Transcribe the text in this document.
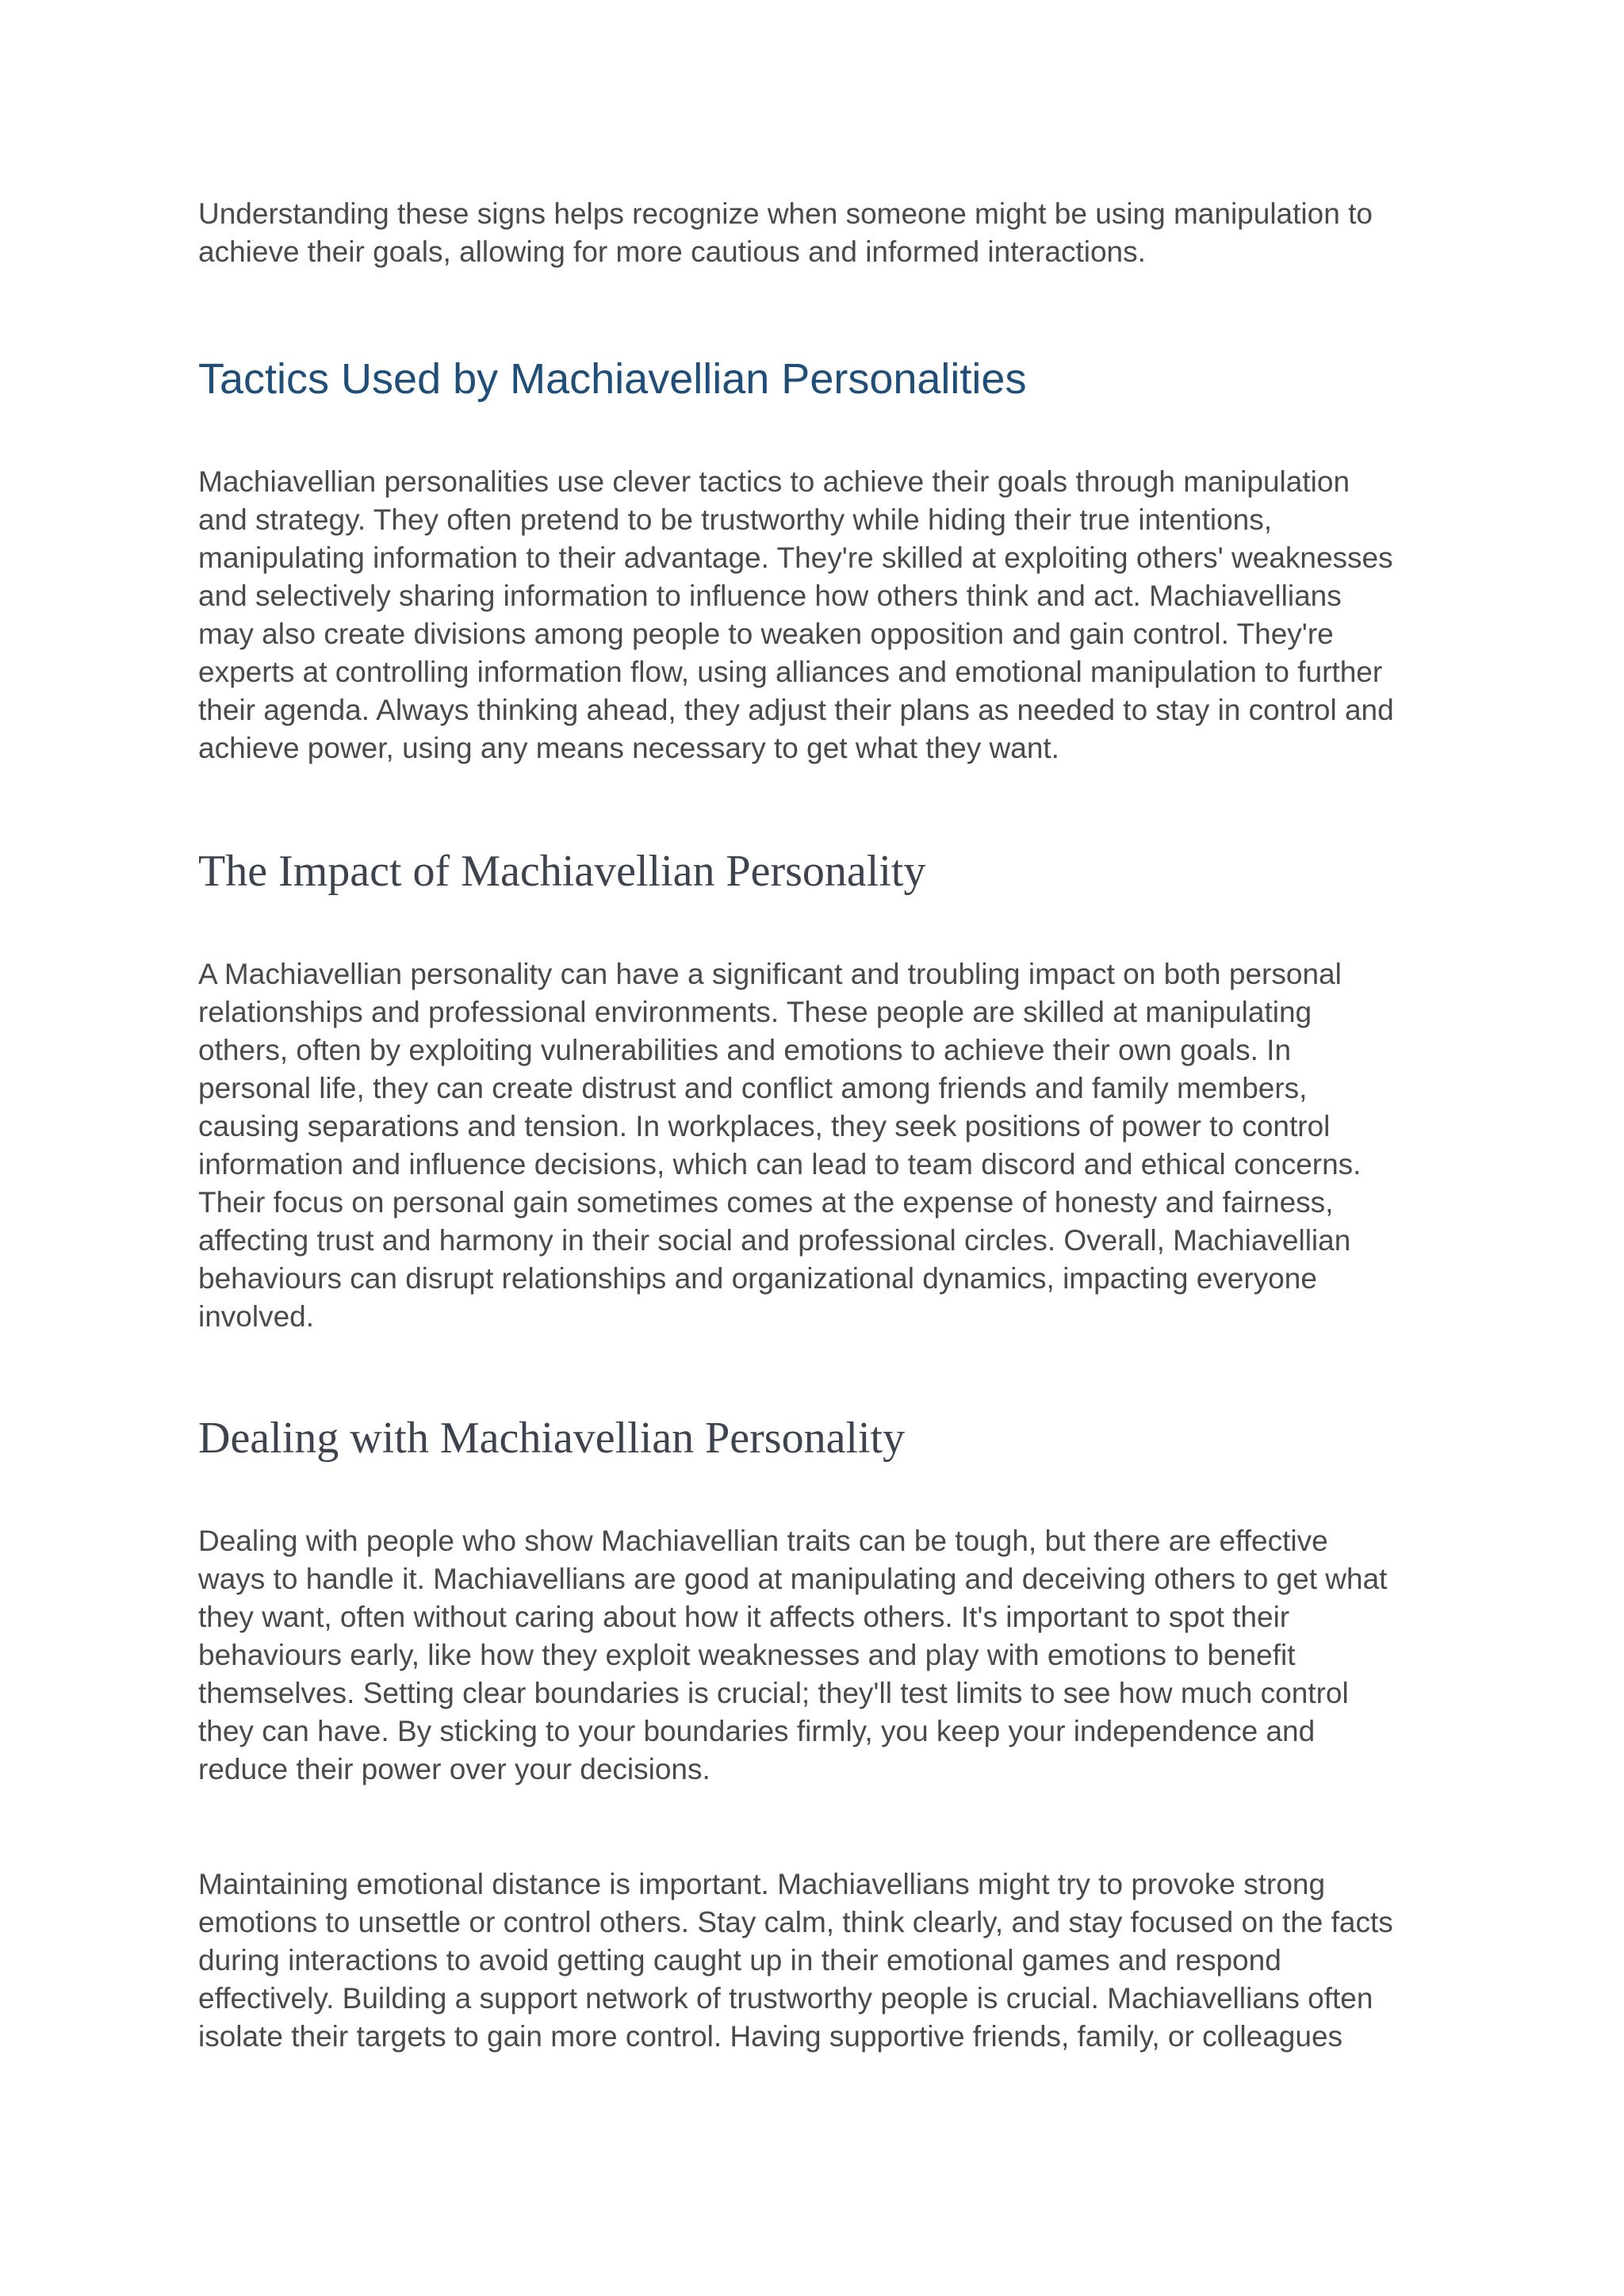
Understanding these signs helps recognize when someone might be using manipulation to
achieve their goals, allowing for more cautious and informed interactions.

Tactics Used by Machiavellian Personalities

Machiavellian personalities use clever tactics to achieve their goals through manipulation
and strategy. They often pretend to be trustworthy while hiding their true intentions,
manipulating information to their advantage. They're skilled at exploiting others' weaknesses
and selectively sharing information to influence how others think and act. Machiavellians
may also create divisions among people to weaken opposition and gain control. They're
experts at controlling information flow, using alliances and emotional manipulation to further
their agenda. Always thinking ahead, they adjust their plans as needed to stay in control and
achieve power, using any means necessary to get what they want.

The Impact of Machiavellian Personality

A Machiavellian personality can have a significant and troubling impact on both personal
relationships and professional environments. These people are skilled at manipulating
others, often by exploiting vulnerabilities and emotions to achieve their own goals. In
personal life, they can create distrust and conflict among friends and family members,
causing separations and tension. In workplaces, they seek positions of power to control
information and influence decisions, which can lead to team discord and ethical concerns.
Their focus on personal gain sometimes comes at the expense of honesty and fairness,
affecting trust and harmony in their social and professional circles. Overall, Machiavellian
behaviours can disrupt relationships and organizational dynamics, impacting everyone
involved.

Dealing with Machiavellian Personality

Dealing with people who show Machiavellian traits can be tough, but there are effective
ways to handle it. Machiavellians are good at manipulating and deceiving others to get what
they want, often without caring about how it affects others. It's important to spot their
behaviours early, like how they exploit weaknesses and play with emotions to benefit
themselves. Setting clear boundaries is crucial; they'll test limits to see how much control
they can have. By sticking to your boundaries firmly, you keep your independence and
reduce their power over your decisions.

Maintaining emotional distance is important. Machiavellians might try to provoke strong
emotions to unsettle or control others. Stay calm, think clearly, and stay focused on the facts
during interactions to avoid getting caught up in their emotional games and respond
effectively. Building a support network of trustworthy people is crucial. Machiavellians often
isolate their targets to gain more control. Having supportive friends, family, or colleagues
